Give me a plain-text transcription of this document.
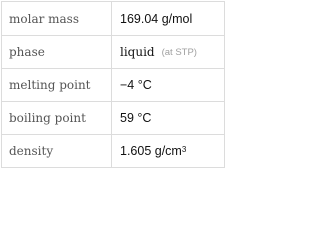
molar mass	169.04 g/mol
phase	liquid (at STP)
melting point	−4 °C
boiling point	59 °C
density	1.605 $g/cm^3$
